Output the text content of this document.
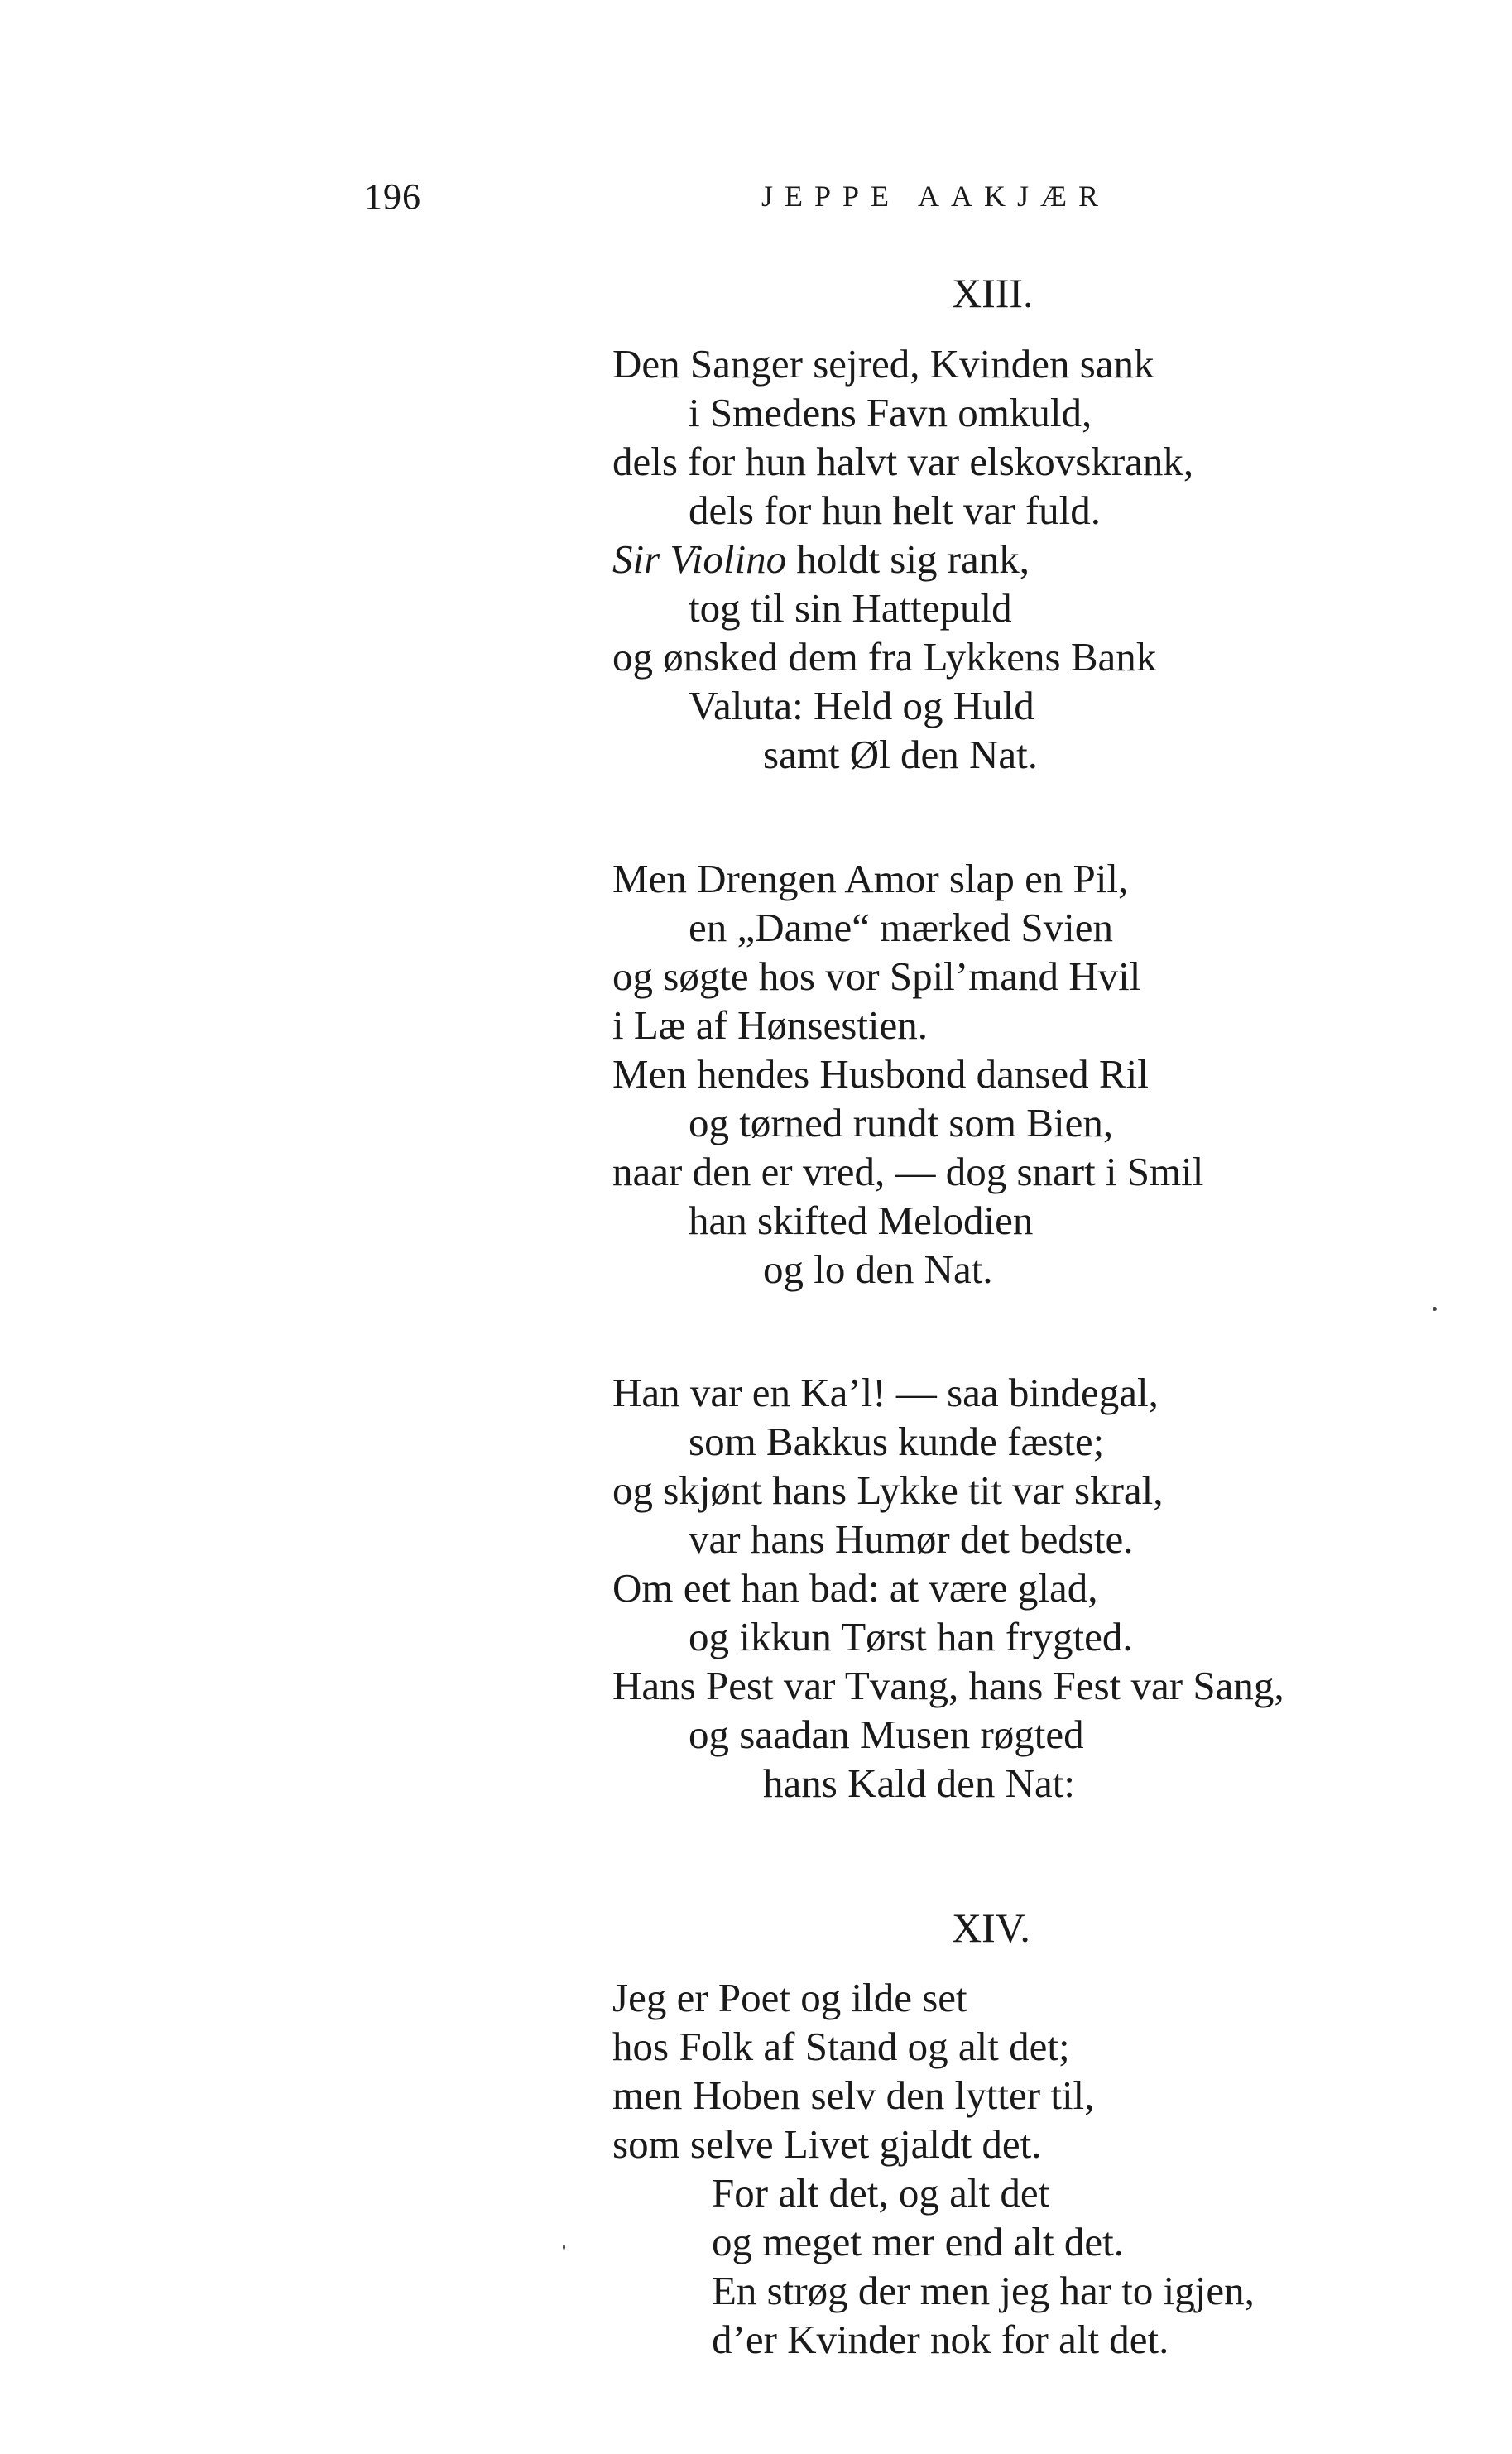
196	JEPPE AAKJÆR
XIII.
Den Sanger sejred, Kvinden sank
i Smedens Favn omkuld,
dels for hun halvt var elskovskrank,
dels for hun helt var fuld.
Sir Violino holdt sig rank,
tog til sin Hattepuld
og ønsked dem fra Lykkens Bank
Valuta: Held og Huld
samt Øl den Nat.
Men Drengen Amor slap en Pil,
en „Dame“ mærked Svien
og søgte hos vor Spil’mand Hvil
i Læ af Hønsestien.
Men hendes Husbond dansed Ril
og tørned rundt som Bien,
naar den er vred, — dog snart i Smil
han skifted Melodien
og lo den Nat.
Han var en Ka’l! — saa bindegal,
som Bakkus kunde fæste;
og skjønt hans Lykke tit var skral,
var hans Humør det bedste.
Om eet han bad: at være glad,
og ikkun Tørst han frygted.
Hans Pest var Tvang, hans Fest var Sang,
og saadan Musen røgted
hans Kald den Nat:
XIV.
Jeg er Poet og ilde set
hos Folk af Stand og alt det;
men Hoben selv den lytter til,
som selve Livet gjaldt det.
For alt det, og alt det
og meget mer end alt det.
En strøg der men jeg har to igjen,
d’er Kvinder nok for alt det.
